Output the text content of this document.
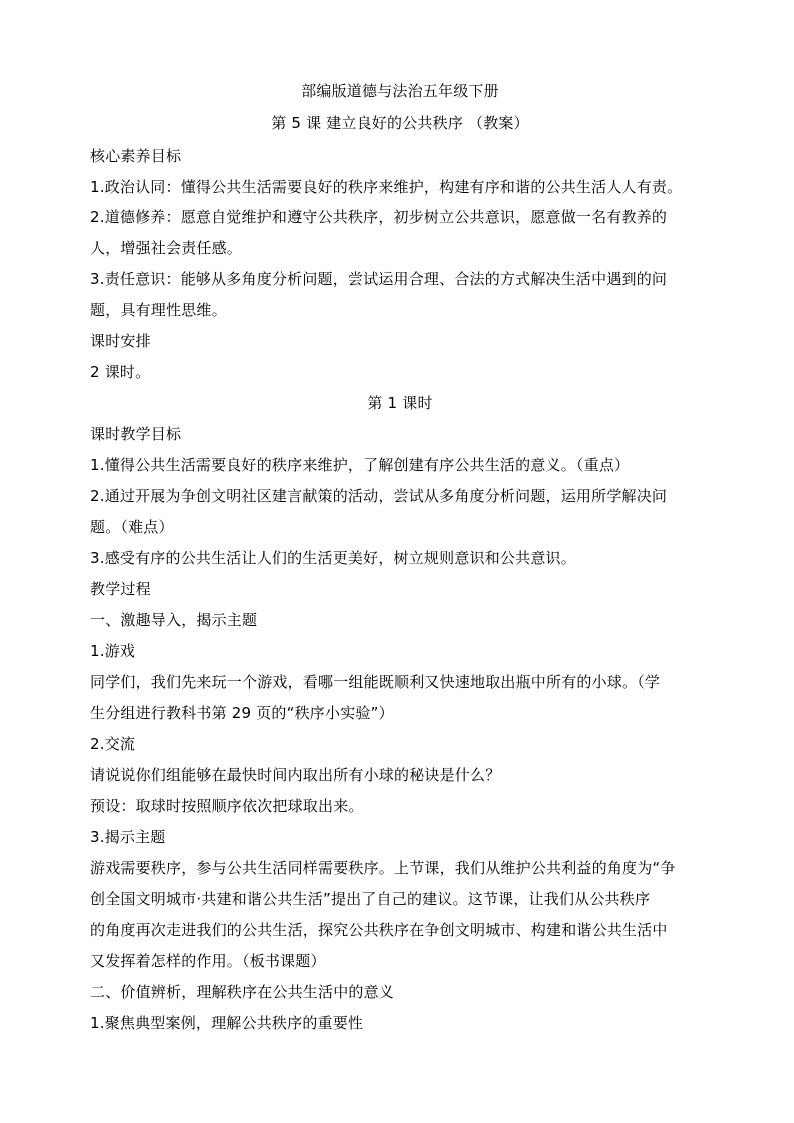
部编版道德与法治五年级下册
第 5 课 建立良好的公共秩序 （教案）
核心素养目标
1.政治认同：懂得公共生活需要良好的秩序来维护，构建有序和谐的公共生活人人有责。
2.道德修养：愿意自觉维护和遵守公共秩序，初步树立公共意识，愿意做一名有教养的
人，增强社会责任感。
3.责任意识：能够从多角度分析问题，尝试运用合理、合法的方式解决生活中遇到的问
题，具有理性思维。
课时安排
2 课时。
第 1 课时
课时教学目标
1.懂得公共生活需要良好的秩序来维护，了解创建有序公共生活的意义。（重点）
2.通过开展为争创文明社区建言献策的活动，尝试从多角度分析问题，运用所学解决问
题。（难点）
3.感受有序的公共生活让人们的生活更美好，树立规则意识和公共意识。
教学过程
一、激趣导入，揭示主题
1.游戏
同学们，我们先来玩一个游戏，看哪一组能既顺利又快速地取出瓶中所有的小球。（学
生分组进行教科书第 29 页的“秩序小实验”）
2.交流
请说说你们组能够在最快时间内取出所有小球的秘诀是什么？
预设：取球时按照顺序依次把球取出来。
3.揭示主题
游戏需要秩序，参与公共生活同样需要秩序。上节课，我们从维护公共利益的角度为“争
创全国文明城市·共建和谐公共生活”提出了自己的建议。这节课，让我们从公共秩序
的角度再次走进我们的公共生活，探究公共秩序在争创文明城市、构建和谐公共生活中
又发挥着怎样的作用。（板书课题）
二、价值辨析，理解秩序在公共生活中的意义
1.聚焦典型案例，理解公共秩序的重要性
